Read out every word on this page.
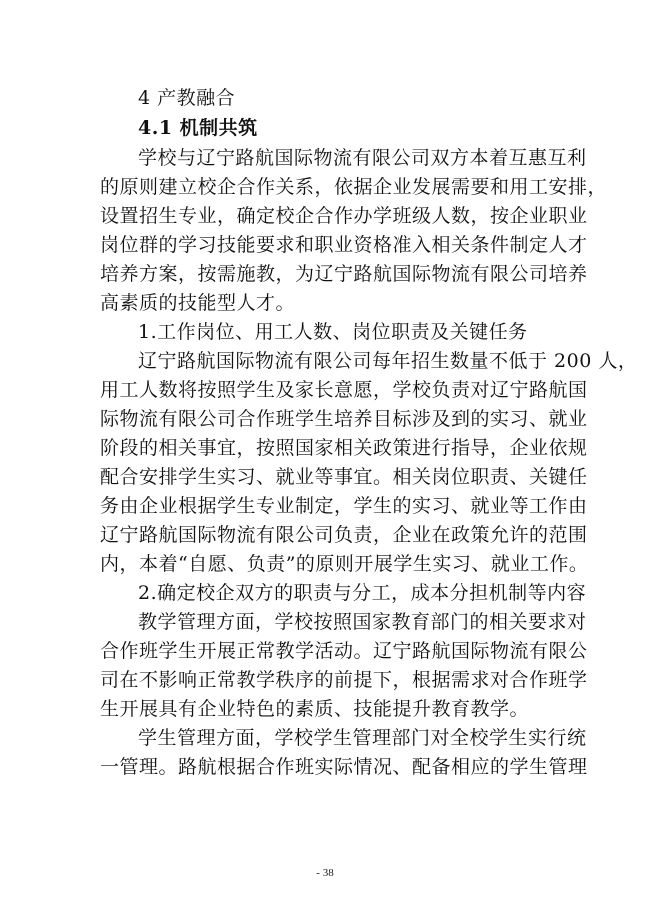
4 产教融合
4.1 机制共筑
学校与辽宁路航国际物流有限公司双方本着互惠互利
的原则建立校企合作关系，依据企业发展需要和用工安排，
设置招生专业，确定校企合作办学班级人数，按企业职业
岗位群的学习技能要求和职业资格准入相关条件制定人才
培养方案，按需施教，为辽宁路航国际物流有限公司培养
高素质的技能型人才。
1.工作岗位、用工人数、岗位职责及关键任务
辽宁路航国际物流有限公司每年招生数量不低于 200 人，
用工人数将按照学生及家长意愿，学校负责对辽宁路航国
际物流有限公司合作班学生培养目标涉及到的实习、就业
阶段的相关事宜，按照国家相关政策进行指导，企业依规
配合安排学生实习、就业等事宜。相关岗位职责、关键任
务由企业根据学生专业制定，学生的实习、就业等工作由
辽宁路航国际物流有限公司负责，企业在政策允许的范围
内，本着“自愿、负责”的原则开展学生实习、就业工作。
2.确定校企双方的职责与分工，成本分担机制等内容
教学管理方面，学校按照国家教育部门的相关要求对
合作班学生开展正常教学活动。辽宁路航国际物流有限公
司在不影响正常教学秩序的前提下，根据需求对合作班学
生开展具有企业特色的素质、技能提升教育教学。
学生管理方面，学校学生管理部门对全校学生实行统
一管理。路航根据合作班实际情况、配备相应的学生管理
- 38
